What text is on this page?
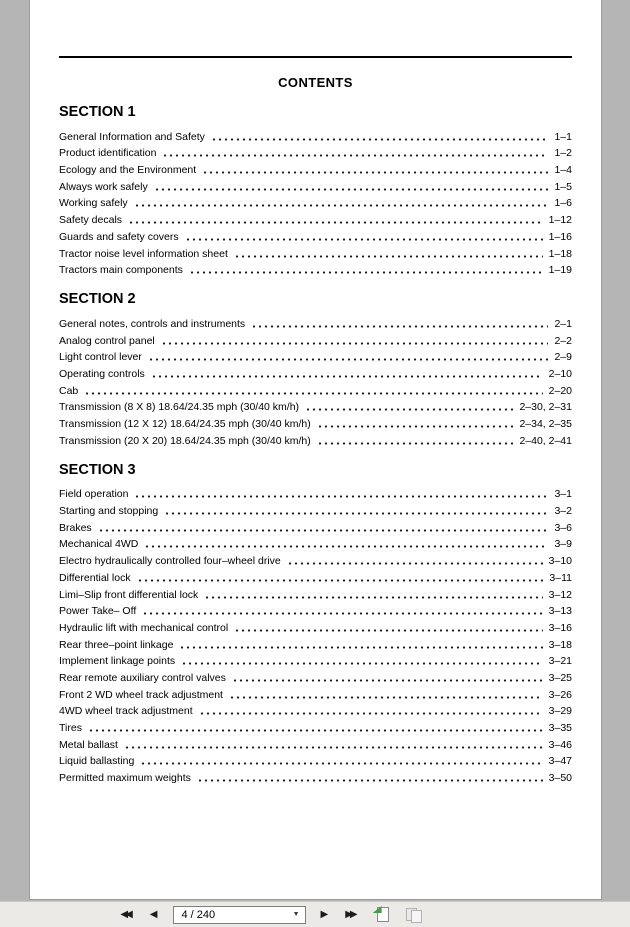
CONTENTS
SECTION 1
General Information and Safety	1–1
Product identification	1–2
Ecology and the Environment	1–4
Always work safely	1–5
Working safely	1–6
Safety decals	1–12
Guards and safety covers	1–16
Tractor noise level information sheet	1–18
Tractors main components	1–19
SECTION 2
General notes, controls and instruments	2–1
Analog control panel	2–2
Light control lever	2–9
Operating controls	2–10
Cab	2–20
Transmission (8 X 8) 18.64/24.35 mph (30/40 km/h)	2–30, 2–31
Transmission (12 X 12) 18.64/24.35 mph (30/40 km/h)	2–34, 2–35
Transmission (20 X 20) 18.64/24.35 mph (30/40 km/h)	2–40, 2–41
SECTION 3
Field operation	3–1
Starting and stopping	3–2
Brakes	3–6
Mechanical 4WD	3–9
Electro hydraulically controlled four–wheel drive	3–10
Differential lock	3–11
Limi–Slip front differential lock	3–12
Power Take– Off	3–13
Hydraulic lift with mechanical control	3–16
Rear three–point linkage	3–18
Implement linkage points	3–21
Rear remote auxiliary control valves	3–25
Front 2 WD wheel track adjustment	3–26
4WD wheel track adjustment	3–29
Tires	3–35
Metal ballast	3–46
Liquid ballasting	3–47
Permitted maximum weights	3–50
◀◀	◀ 4 / 240	▼ ▶ ▶▶
